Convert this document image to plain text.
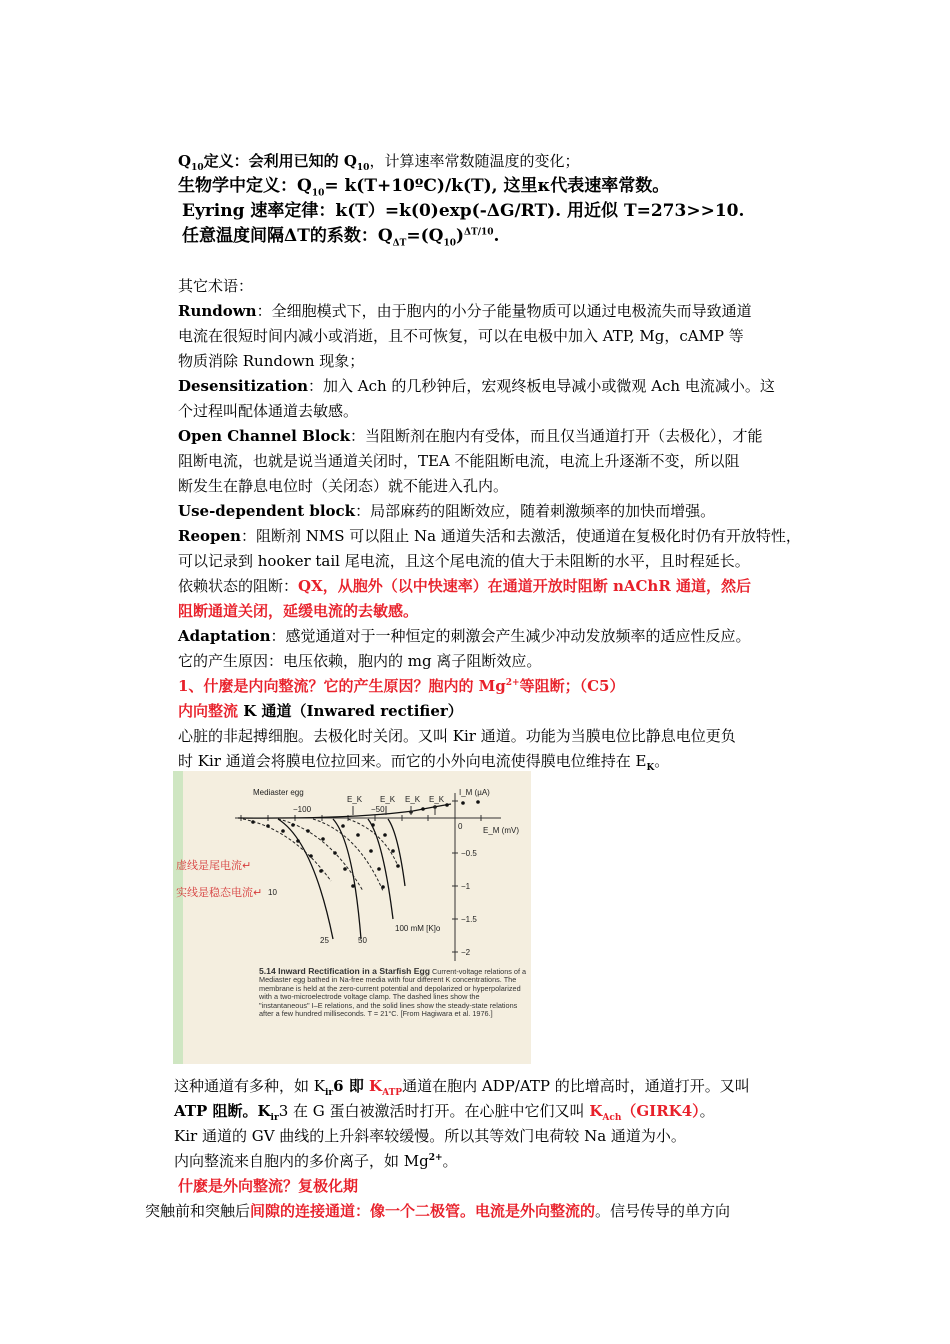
$Q_{10}$定义：会利用已知的 $Q_{10}$，计算速率常数随温度的变化；
生物学中定义：$Q_{10}=$ k(T+10ºC)/k(T), 这里κ代表速率常数。
Eyring 速率定律：k(T）=k(0)exp(-ΔG/RT). 用近似 T=273>>10.
任意温度间隔ΔT的系数：$Q_{\Delta T}=(Q_{10})^{\Delta T/10}$.
其它术语：
Rundown：全细胞模式下，由于胞内的小分子能量物质可以通过电极流失而导致通道
电流在很短时间内减小或消逝，且不可恢复，可以在电极中加入 ATP, Mg，cAMP 等
物质消除 Rundown 现象；
Desensitization：加入 Ach 的几秒钟后，宏观终板电导减小或微观 Ach 电流减小。这
个过程叫配体通道去敏感。
Open Channel Block：当阻断剂在胞内有受体，而且仅当通道打开（去极化），才能
阻断电流，也就是说当通道关闭时，TEA 不能阻断电流，电流上升逐渐不变，所以阻
断发生在静息电位时（关闭态）就不能进入孔内。
Use-dependent block：局部麻药的阻断效应，随着刺激频率的加快而增强。
Reopen：阻断剂 NMS 可以阻止 Na 通道失活和去激活，使通道在复极化时仍有开放特性，
可以记录到 hooker tail 尾电流，且这个尾电流的值大于未阻断的水平，且时程延长。
依赖状态的阻断：QX，从胞外（以中快速率）在通道开放时阻断 nAChR 通道，然后
阻断通道关闭，延缓电流的去敏感。
Adaptation：感觉通道对于一种恒定的刺激会产生减少冲动发放频率的适应性反应。
它的产生原因：电压依赖，胞内的 mg 离子阻断效应。
1、什麼是内向整流？它的产生原因？胞内的 $Mg^{2+}$等阻断；（C5）
内向整流 K 通道（Inwared rectifier）
心脏的非起搏细胞。去极化时关闭。又叫 Kir 通道。功能为当膜电位比静息电位更负
时 Kir 通道会将膜电位拉回来。而它的小外向电流使得膜电位维持在 $E_K$。
这种通道有多种，如 $K_{ir}6$ 即 $K_{ATP}$通道在胞内 ADP/ATP 的比增高时，通道打开。又叫
ATP 阻断。$K_{ir}3$ 在 G 蛋白被激活时打开。在心脏中它们又叫 $K_{Ach}(GIRK4)$。
Kir 通道的 GV 曲线的上升斜率较缓慢。所以其等效门电荷较 Na 通道为小。
内向整流来自胞内的多价离子，如 $Mg^{2+}$。
什麽是外向整流？复极化期
突触前和突触后间隙的连接通道：像一个二极管。电流是外向整流的。信号传导的单方向
Mediaster egg	I_M (µA)
E_M (mV)
E_K E_K E_K E_K
−100	−50
0
−0.5
−1
−1.5
−2
10
25	50
100 mM [K]o
5.14 Inward Rectification in a Starfish Egg Current-voltage relations of a Mediaster egg bathed in Na-free media with four different K concentrations. The membrane is held at the zero-current potential and depolarized or hyperpolarized with a two-microelectrode voltage clamp. The dashed lines show the "instantaneous" I–E relations, and the solid lines show the steady-state relations after a few hundred milliseconds. T = 21°C. [From Hagiwara et al. 1976.]
虚线是尾电流↵
实线是稳态电流↵
